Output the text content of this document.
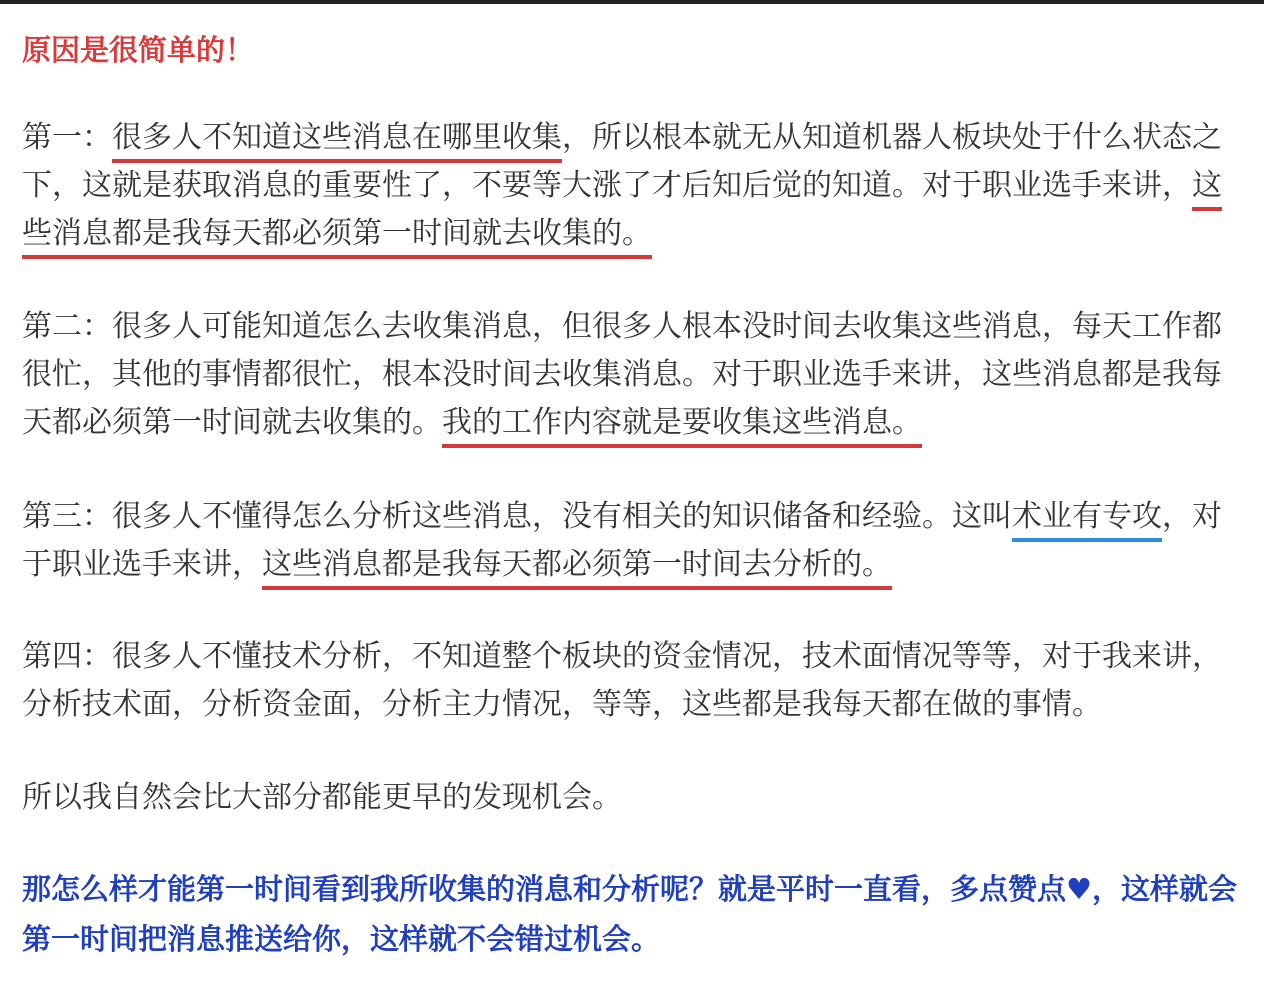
原因是很简单的！

第一：很多人不知道这些消息在哪里收集，所以根本就无从知道机器人板块处于什么状态之下，这就是获取消息的重要性了，不要等大涨了才后知后觉的知道。对于职业选手来讲，这些消息都是我每天都必须第一时间就去收集的。

第二：很多人可能知道怎么去收集消息，但很多人根本没时间去收集这些消息，每天工作都很忙，其他的事情都很忙，根本没时间去收集消息。对于职业选手来讲，这些消息都是我每天都必须第一时间就去收集的。我的工作内容就是要收集这些消息。

第三：很多人不懂得怎么分析这些消息，没有相关的知识储备和经验。这叫术业有专攻，对于职业选手来讲，这些消息都是我每天都必须第一时间去分析的。

第四：很多人不懂技术分析，不知道整个板块的资金情况，技术面情况等等，对于我来讲，分析技术面，分析资金面，分析主力情况，等等，这些都是我每天都在做的事情。

所以我自然会比大部分都能更早的发现机会。

那怎么样才能第一时间看到我所收集的消息和分析呢？就是平时一直看，多点赞点♥，这样就会第一时间把消息推送给你，这样就不会错过机会。
